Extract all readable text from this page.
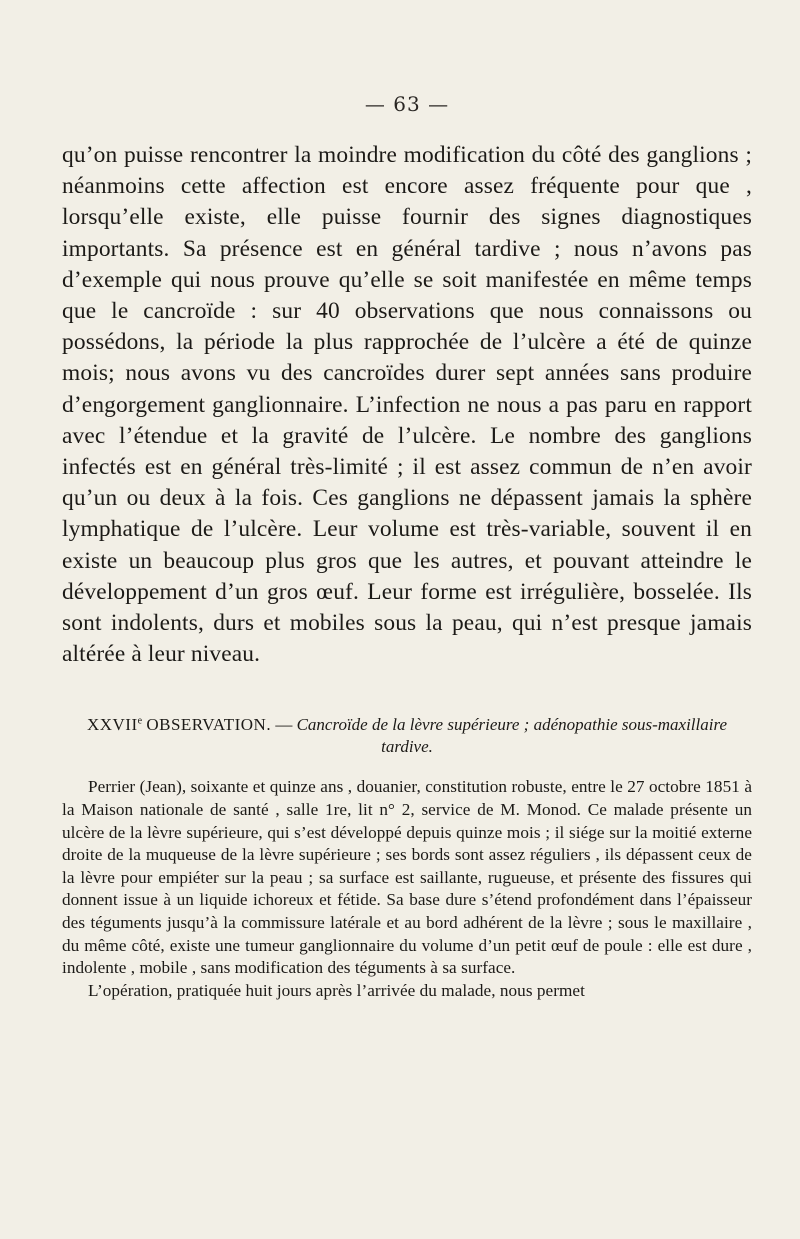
— 63 —

qu’on puisse rencontrer la moindre modification du côté des ganglions ; néanmoins cette affection est encore assez fréquente pour que , lorsqu’elle existe, elle puisse fournir des signes diagnostiques importants. Sa présence est en général tardive ; nous n’avons pas d’exemple qui nous prouve qu’elle se soit manifestée en même temps que le cancroïde : sur 40 observations que nous connaissons ou possédons, la période la plus rapprochée de l’ulcère a été de quinze mois; nous avons vu des cancroïdes durer sept années sans produire d’engorgement ganglionnaire. L’infection ne nous a pas paru en rapport avec l’étendue et la gravité de l’ulcère. Le nombre des ganglions infectés est en général très-limité ; il est assez commun de n’en avoir qu’un ou deux à la fois. Ces ganglions ne dépassent jamais la sphère lymphatique de l’ulcère. Leur volume est très-variable, souvent il en existe un beaucoup plus gros que les autres, et pouvant atteindre le développement d’un gros œuf. Leur forme est irrégulière, bosselée. Ils sont indolents, durs et mobiles sous la peau, qui n’est presque jamais altérée à leur niveau.

XXVIIe OBSERVATION. — Cancroïde de la lèvre supérieure ; adénopathie sous-maxillaire tardive.

Perrier (Jean), soixante et quinze ans , douanier, constitution robuste, entre le 27 octobre 1851 à la Maison nationale de santé , salle 1re, lit n° 2, service de M. Monod. Ce malade présente un ulcère de la lèvre supérieure, qui s’est développé depuis quinze mois ; il siége sur la moitié externe droite de la muqueuse de la lèvre supérieure ; ses bords sont assez réguliers , ils dépassent ceux de la lèvre pour empiéter sur la peau ; sa surface est saillante, rugueuse, et présente des fissures qui donnent issue à un liquide ichoreux et fétide. Sa base dure s’étend profondément dans l’épaisseur des téguments jusqu’à la commissure latérale et au bord adhérent de la lèvre ; sous le maxillaire , du même côté, existe une tumeur ganglionnaire du volume d’un petit œuf de poule : elle est dure , indolente , mobile , sans modification des téguments à sa surface.

L’opération, pratiquée huit jours après l’arrivée du malade, nous permet
